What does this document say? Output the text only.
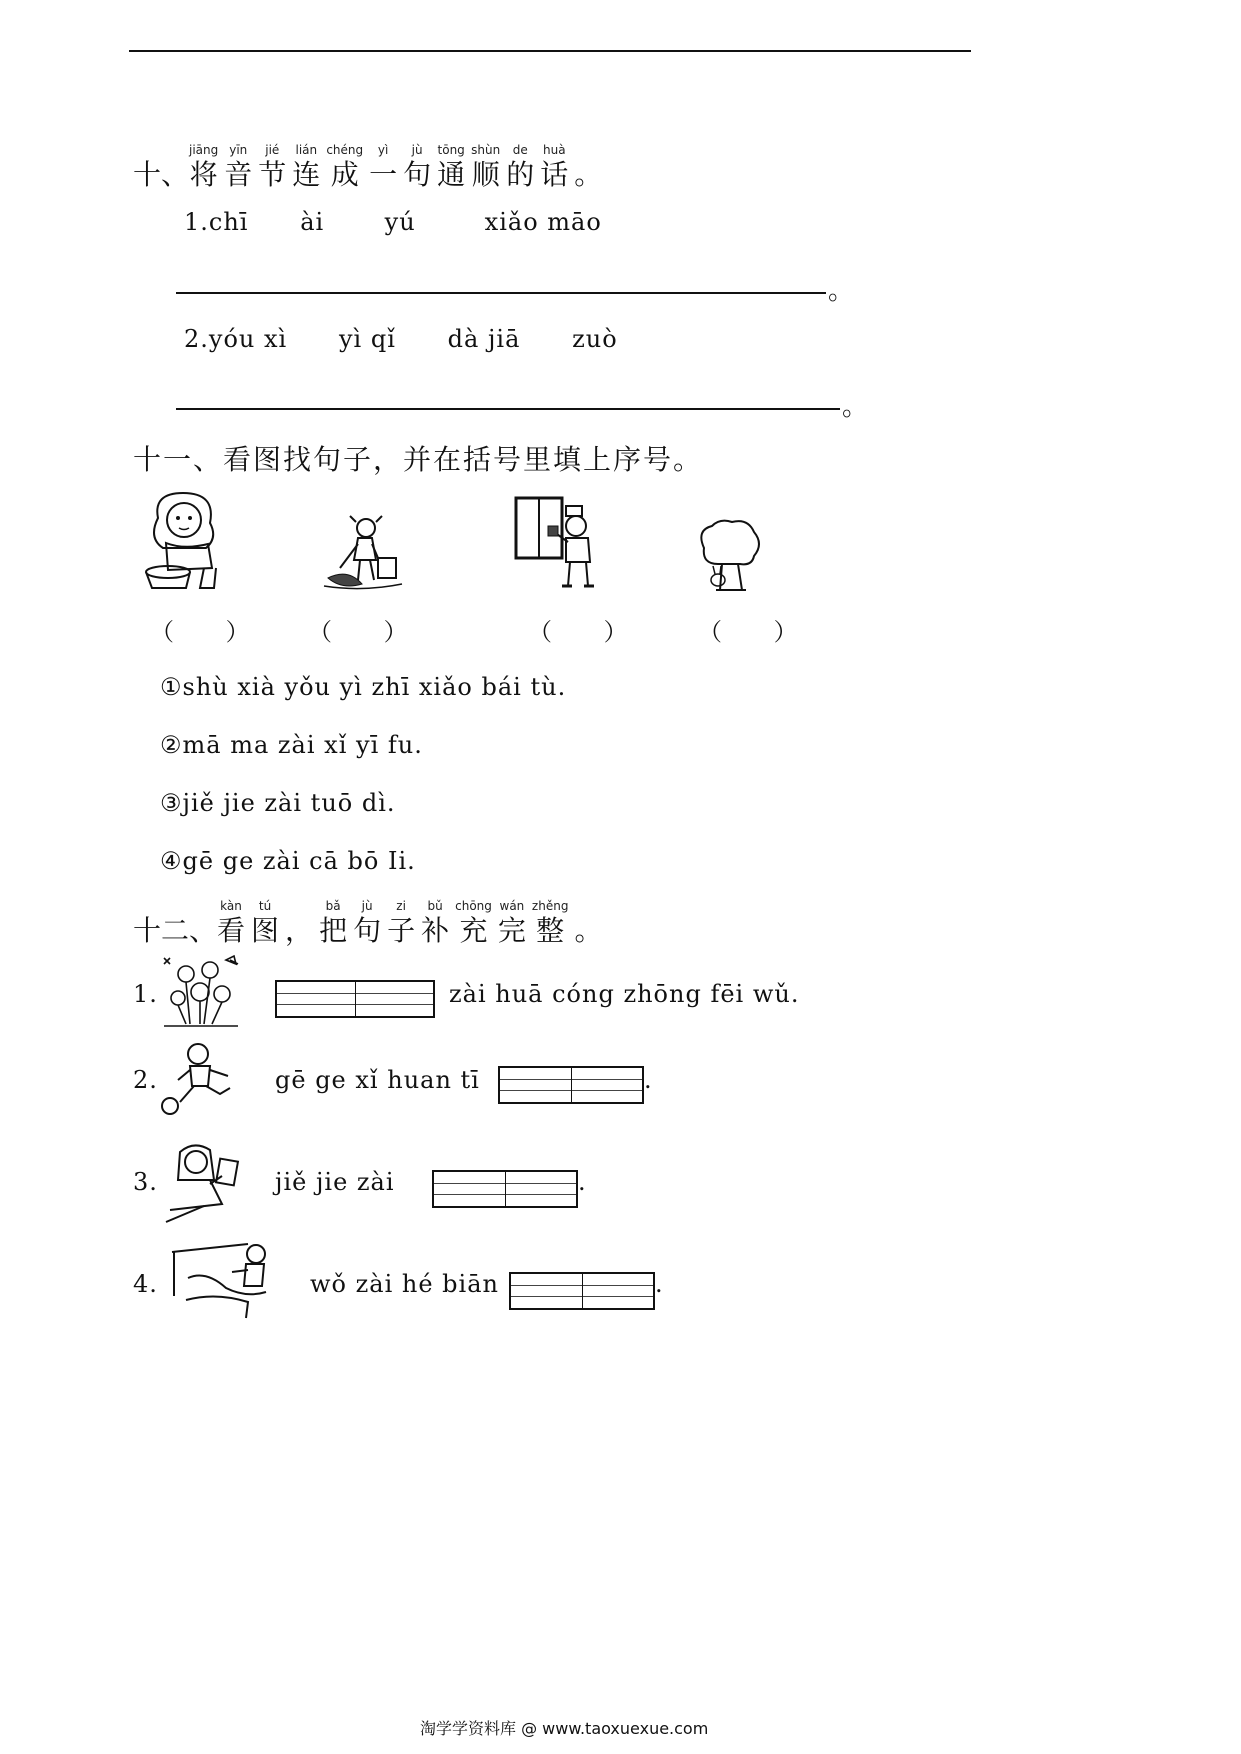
十、
jiāng
将
yīn
音
jié
节
lián
连
chéng
成
yì
一
jù
句
tōng
通
shùn
顺
de
的
huà
话 。
1.chī      ài       yú        xiǎo māo
。
2.yóu xì      yì qǐ      dà jiā      zuò
。
十一、看图找句子，并在括号里填上序号。
（ ） （ ）	（ ） （ ）
①shù xià yǒu yì zhī xiǎo bái tù.
②mā ma zài xǐ yī fu.
③jiě jie zài tuō dì.
④gē ge zài cā bō Ii.
十二、
kàn
看
tú
图 ，
bǎ
把
jù
句
zi
子
bǔ
补
chōng
充
wán
完
zhěng
整 。
1.	zài huā cóng zhōng fēi wǔ.
2.	gē ge xǐ huan tī	.
3.	jiě jie zài	.
4.	wǒ zài hé biān	.
淘学学资料库 @ www.taoxuexue.com
